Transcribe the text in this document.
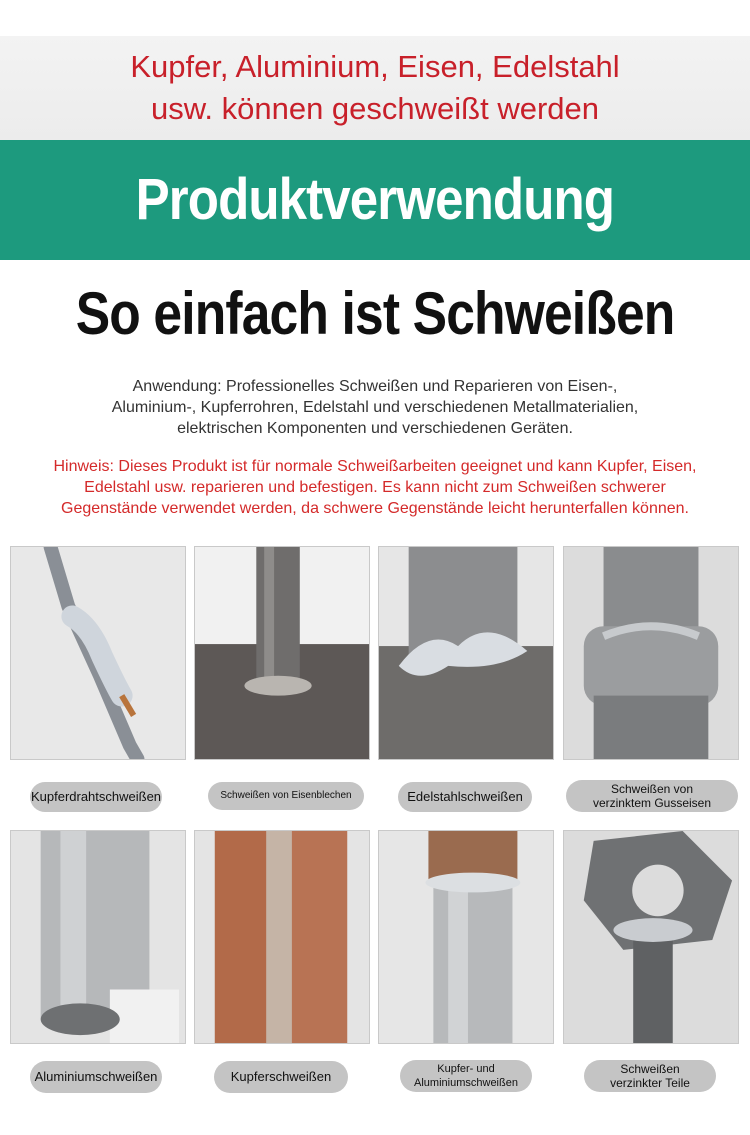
Kupfer, Aluminium, Eisen, Edelstahl
usw. können geschweißt werden
Produktverwendung
So einfach ist Schweißen
Anwendung: Professionelles Schweißen und Reparieren von Eisen-,
Aluminium-, Kupferrohren, Edelstahl und verschiedenen Metallmaterialien,
elektrischen Komponenten und verschiedenen Geräten.
Hinweis: Dieses Produkt ist für normale Schweißarbeiten geeignet und kann Kupfer, Eisen,
Edelstahl usw. reparieren und befestigen. Es kann nicht zum Schweißen schwerer
Gegenstände verwendet werden, da schwere Gegenstände leicht herunterfallen können.
Kupferdrahtschweißen	Schweißen von Eisenblechen	Edelstahlschweißen	Schweißen von
verzinktem Gusseisen
Aluminiumschweißen	Kupferschweißen	Kupfer- und
Aluminiumschweißen
Schweißen
verzinkter Teile
